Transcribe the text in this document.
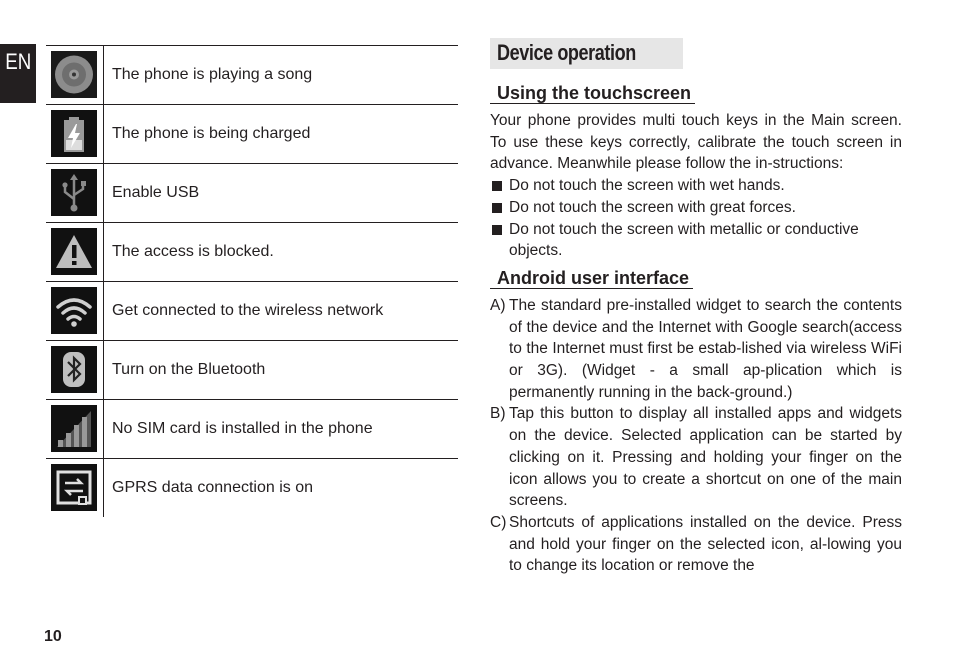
EN
The phone is playing a song
The phone is being charged
Enable USB
The access is blocked.
Get connected to the wireless network
Turn on the Bluetooth
No SIM card is installed in the phone
GPRS data connection is on
10
Device operation
Using the touchscreen

Your phone provides multi touch keys in the Main screen. To use these keys correctly, calibrate the touch screen in advance. Meanwhile please follow the in-structions:

Do not touch the screen with wet hands.
Do not touch the screen with great forces.
Do not touch the screen with metallic or conductive objects.
Android user interface
A) The standard pre-installed widget to search the contents of the device and the Internet with Google search(access to the Internet must first be estab-lished via wireless WiFi or 3G). (Widget - a small ap-plication which is permanently running in the back-ground.)
B) Tap this button to display all installed apps and widgets on the device. Selected application can be started by clicking on it. Pressing and holding your finger on the icon allows you to create a shortcut on one of the main screens.
C) Shortcuts of applications installed on the device. Press and hold your finger on the selected icon, al-lowing you to change its location or remove the
